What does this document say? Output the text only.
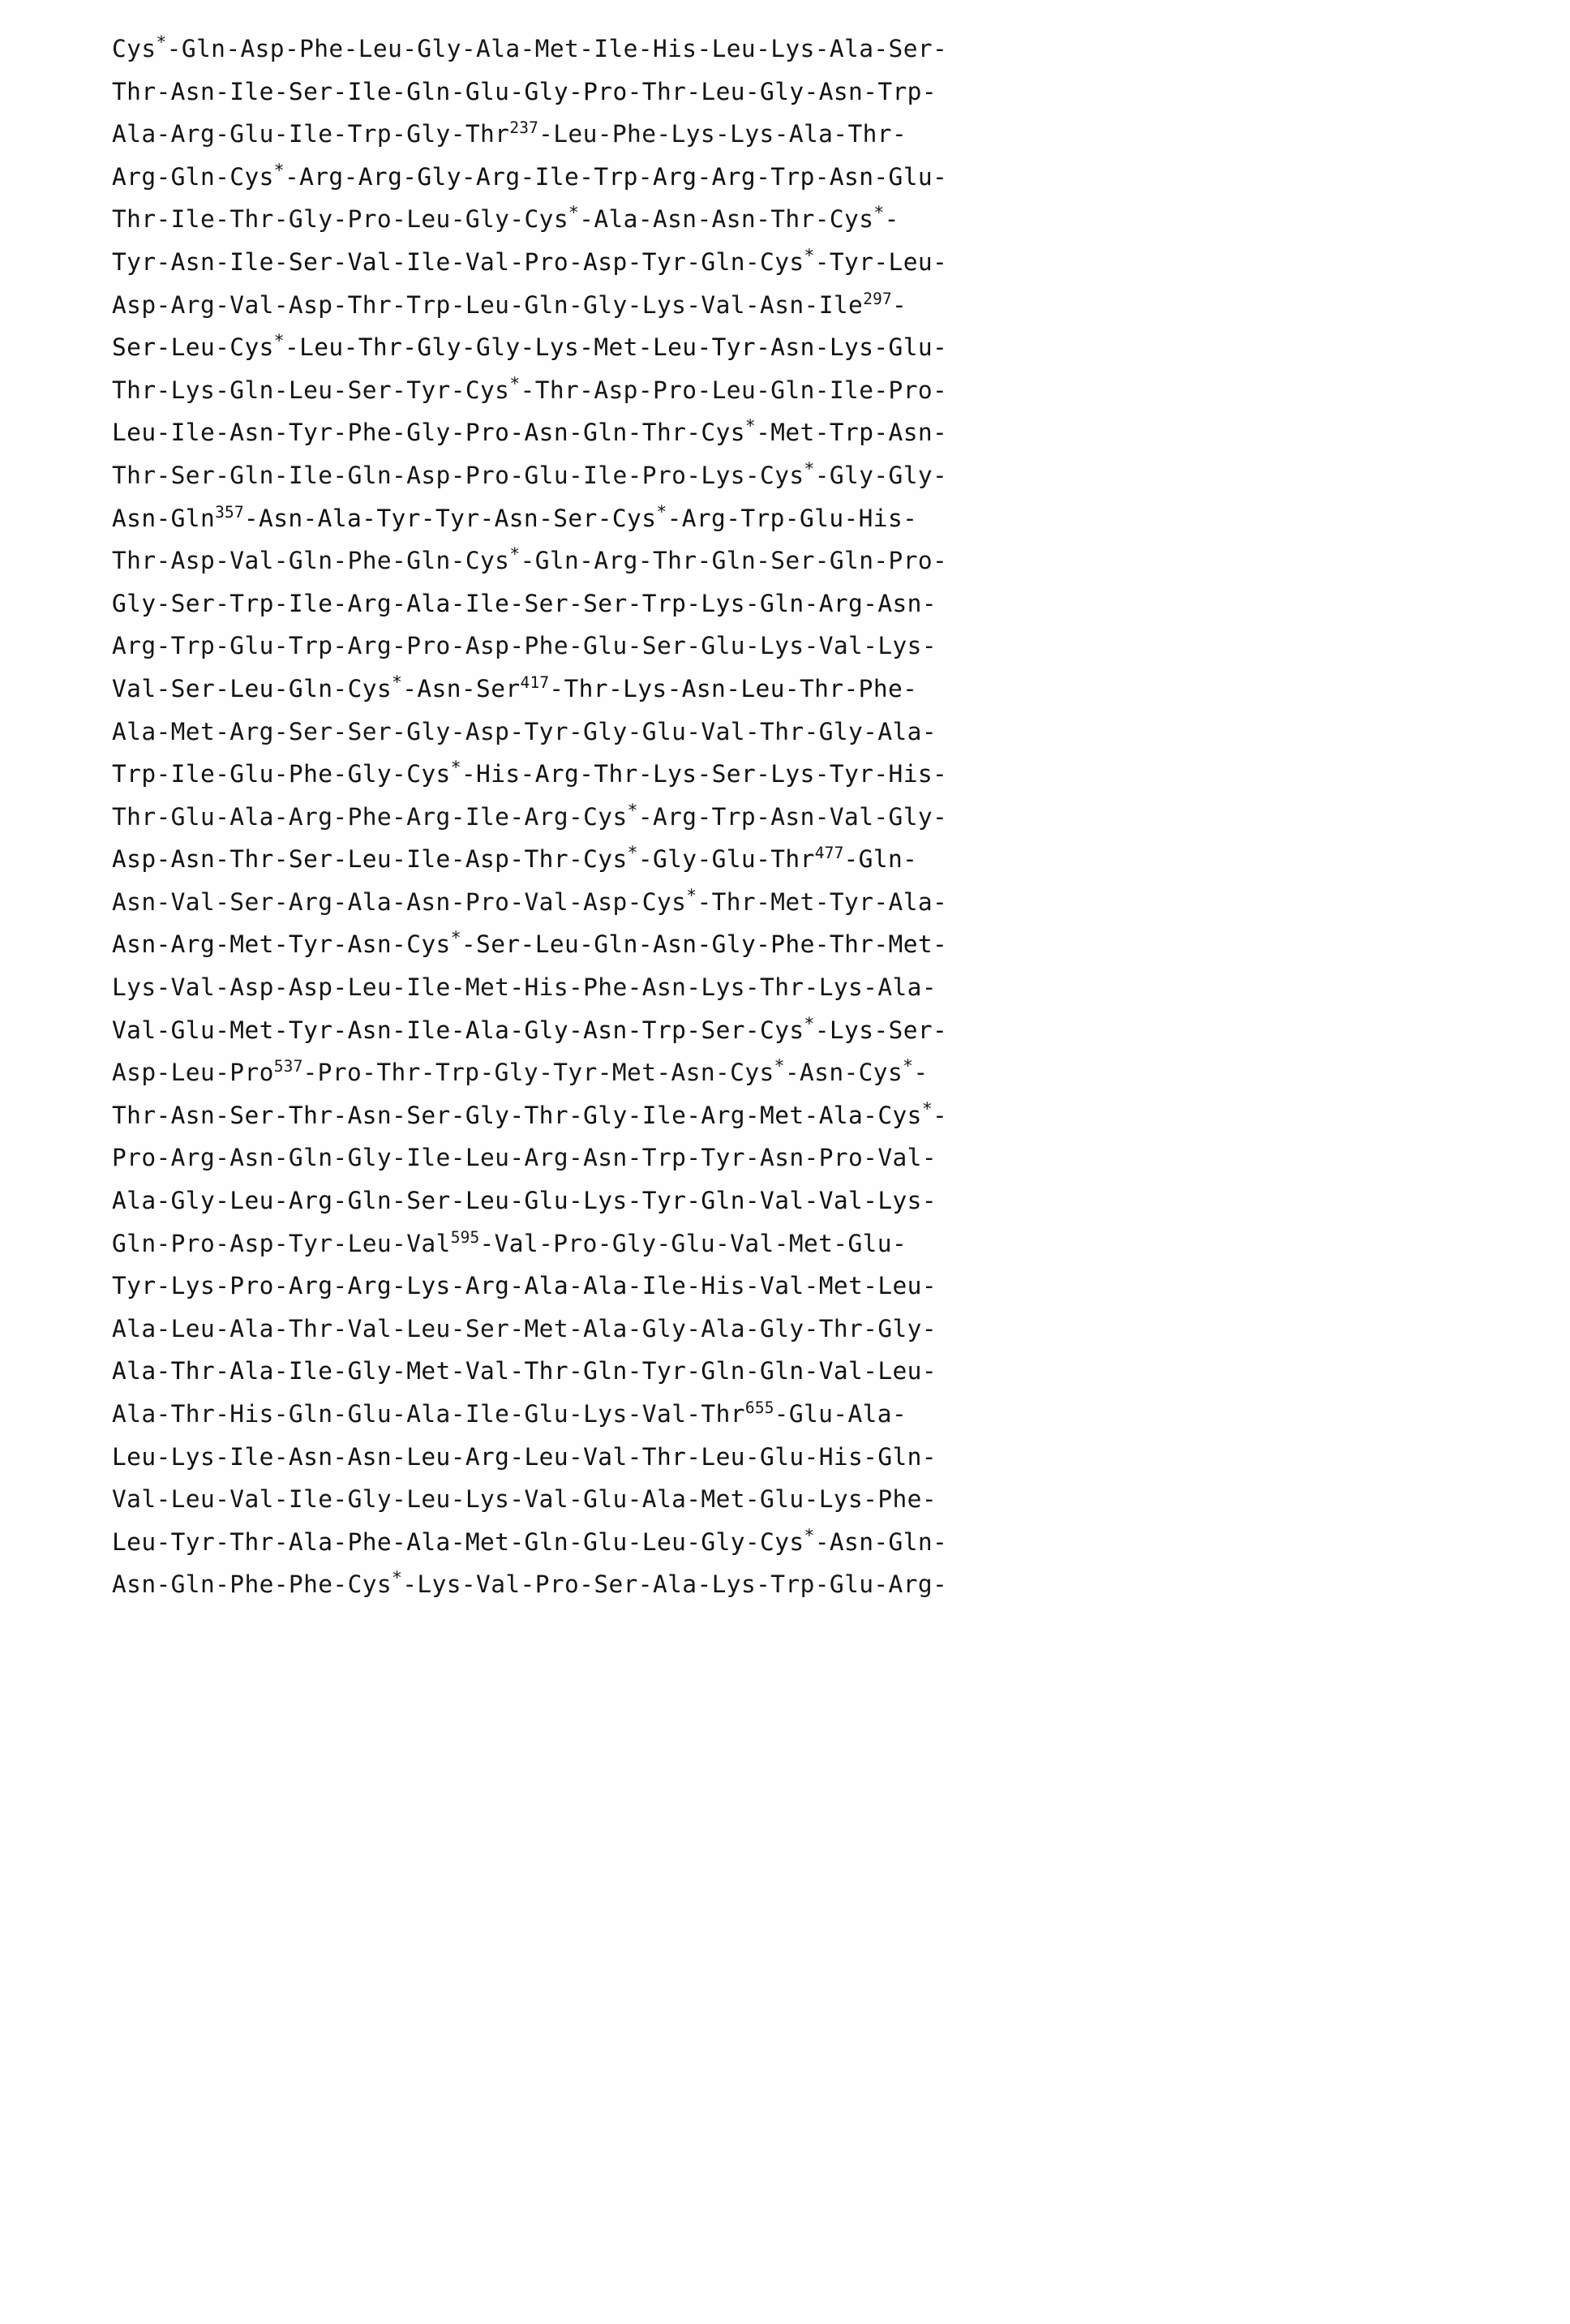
Cys*-Gln-Asp-Phe-Leu-Gly-Ala-Met-Ile-His-Leu-Lys-Ala-Ser-
Thr-Asn-Ile-Ser-Ile-Gln-Glu-Gly-Pro-Thr-Leu-Gly-Asn-Trp-
Ala-Arg-Glu-Ile-Trp-Gly-Thr$^{237}$-Leu-Phe-Lys-Lys-Ala-Thr-
Arg-Gln-Cys*-Arg-Arg-Gly-Arg-Ile-Trp-Arg-Arg-Trp-Asn-Glu-
Thr-Ile-Thr-Gly-Pro-Leu-Gly-Cys*-Ala-Asn-Asn-Thr-Cys*-
Tyr-Asn-Ile-Ser-Val-Ile-Val-Pro-Asp-Tyr-Gln-Cys*-Tyr-Leu-
Asp-Arg-Val-Asp-Thr-Trp-Leu-Gln-Gly-Lys-Val-Asn-Ile$^{297}$-
Ser-Leu-Cys*-Leu-Thr-Gly-Gly-Lys-Met-Leu-Tyr-Asn-Lys-Glu-
Thr-Lys-Gln-Leu-Ser-Tyr-Cys*-Thr-Asp-Pro-Leu-Gln-Ile-Pro-
Leu-Ile-Asn-Tyr-Phe-Gly-Pro-Asn-Gln-Thr-Cys*-Met-Trp-Asn-
Thr-Ser-Gln-Ile-Gln-Asp-Pro-Glu-Ile-Pro-Lys-Cys*-Gly-Gly-
Asn-Gln$^{357}$-Asn-Ala-Tyr-Tyr-Asn-Ser-Cys*-Arg-Trp-Glu-His-
Thr-Asp-Val-Gln-Phe-Gln-Cys*-Gln-Arg-Thr-Gln-Ser-Gln-Pro-
Gly-Ser-Trp-Ile-Arg-Ala-Ile-Ser-Ser-Trp-Lys-Gln-Arg-Asn-
Arg-Trp-Glu-Trp-Arg-Pro-Asp-Phe-Glu-Ser-Glu-Lys-Val-Lys-
Val-Ser-Leu-Gln-Cys*-Asn-Ser$^{417}$-Thr-Lys-Asn-Leu-Thr-Phe-
Ala-Met-Arg-Ser-Ser-Gly-Asp-Tyr-Gly-Glu-Val-Thr-Gly-Ala-
Trp-Ile-Glu-Phe-Gly-Cys*-His-Arg-Thr-Lys-Ser-Lys-Tyr-His-
Thr-Glu-Ala-Arg-Phe-Arg-Ile-Arg-Cys*-Arg-Trp-Asn-Val-Gly-
Asp-Asn-Thr-Ser-Leu-Ile-Asp-Thr-Cys*-Gly-Glu-Thr$^{477}$-Gln-
Asn-Val-Ser-Arg-Ala-Asn-Pro-Val-Asp-Cys*-Thr-Met-Tyr-Ala-
Asn-Arg-Met-Tyr-Asn-Cys*-Ser-Leu-Gln-Asn-Gly-Phe-Thr-Met-
Lys-Val-Asp-Asp-Leu-Ile-Met-His-Phe-Asn-Lys-Thr-Lys-Ala-
Val-Glu-Met-Tyr-Asn-Ile-Ala-Gly-Asn-Trp-Ser-Cys*-Lys-Ser-
Asp-Leu-Pro$^{537}$-Pro-Thr-Trp-Gly-Tyr-Met-Asn-Cys*-Asn-Cys*-
Thr-Asn-Ser-Thr-Asn-Ser-Gly-Thr-Gly-Ile-Arg-Met-Ala-Cys*-
Pro-Arg-Asn-Gln-Gly-Ile-Leu-Arg-Asn-Trp-Tyr-Asn-Pro-Val-
Ala-Gly-Leu-Arg-Gln-Ser-Leu-Glu-Lys-Tyr-Gln-Val-Val-Lys-
Gln-Pro-Asp-Tyr-Leu-Val$^{595}$-Val-Pro-Gly-Glu-Val-Met-Glu-
Tyr-Lys-Pro-Arg-Arg-Lys-Arg-Ala-Ala-Ile-His-Val-Met-Leu-
Ala-Leu-Ala-Thr-Val-Leu-Ser-Met-Ala-Gly-Ala-Gly-Thr-Gly-
Ala-Thr-Ala-Ile-Gly-Met-Val-Thr-Gln-Tyr-Gln-Gln-Val-Leu-
Ala-Thr-His-Gln-Glu-Ala-Ile-Glu-Lys-Val-Thr$^{655}$-Glu-Ala-
Leu-Lys-Ile-Asn-Asn-Leu-Arg-Leu-Val-Thr-Leu-Glu-His-Gln-
Val-Leu-Val-Ile-Gly-Leu-Lys-Val-Glu-Ala-Met-Glu-Lys-Phe-
Leu-Tyr-Thr-Ala-Phe-Ala-Met-Gln-Glu-Leu-Gly-Cys*-Asn-Gln-
Asn-Gln-Phe-Phe-Cys*-Lys-Val-Pro-Ser-Ala-Lys-Trp-Glu-Arg-
